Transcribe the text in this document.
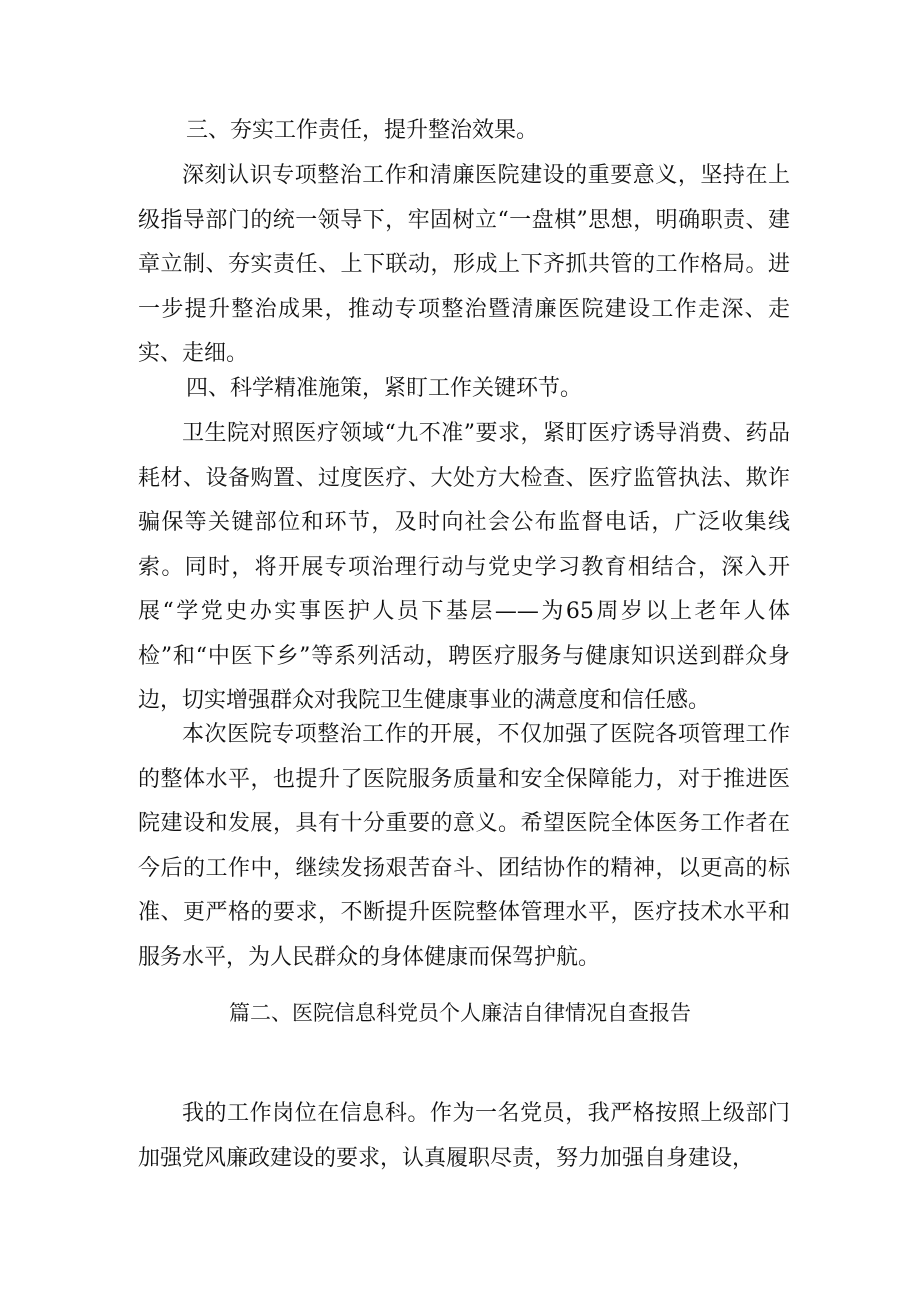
三、夯实工作责任，提升整治效果。

深刻认识专项整治工作和清廉医院建设的重要意义，坚持在上级指导部门的统一领导下，牢固树立“一盘棋”思想，明确职责、建章立制、夯实责任、上下联动，形成上下齐抓共管的工作格局。进一步提升整治成果，推动专项整治暨清廉医院建设工作走深、走实、走细。

四、科学精准施策，紧盯工作关键环节。

卫生院对照医疗领域“九不准”要求，紧盯医疗诱导消费、药品耗材、设备购置、过度医疗、大处方大检查、医疗监管执法、欺诈骗保等关键部位和环节，及时向社会公布监督电话，广泛收集线索。同时，将开展专项治理行动与党史学习教育相结合，深入开展“学党史办实事医护人员下基层——为65周岁以上老年人体检”和“中医下乡”等系列活动，聘医疗服务与健康知识送到群众身边，切实增强群众对我院卫生健康事业的满意度和信任感。

本次医院专项整治工作的开展，不仅加强了医院各项管理工作的整体水平，也提升了医院服务质量和安全保障能力，对于推进医院建设和发展，具有十分重要的意义。希望医院全体医务工作者在今后的工作中，继续发扬艰苦奋斗、团结协作的精神，以更高的标准、更严格的要求，不断提升医院整体管理水平，医疗技术水平和服务水平，为人民群众的身体健康而保驾护航。

篇二、医院信息科党员个人廉洁自律情况自查报告

我的工作岗位在信息科。作为一名党员，我严格按照上级部门加强党风廉政建设的要求，认真履职尽责，努力加强自身建设，
